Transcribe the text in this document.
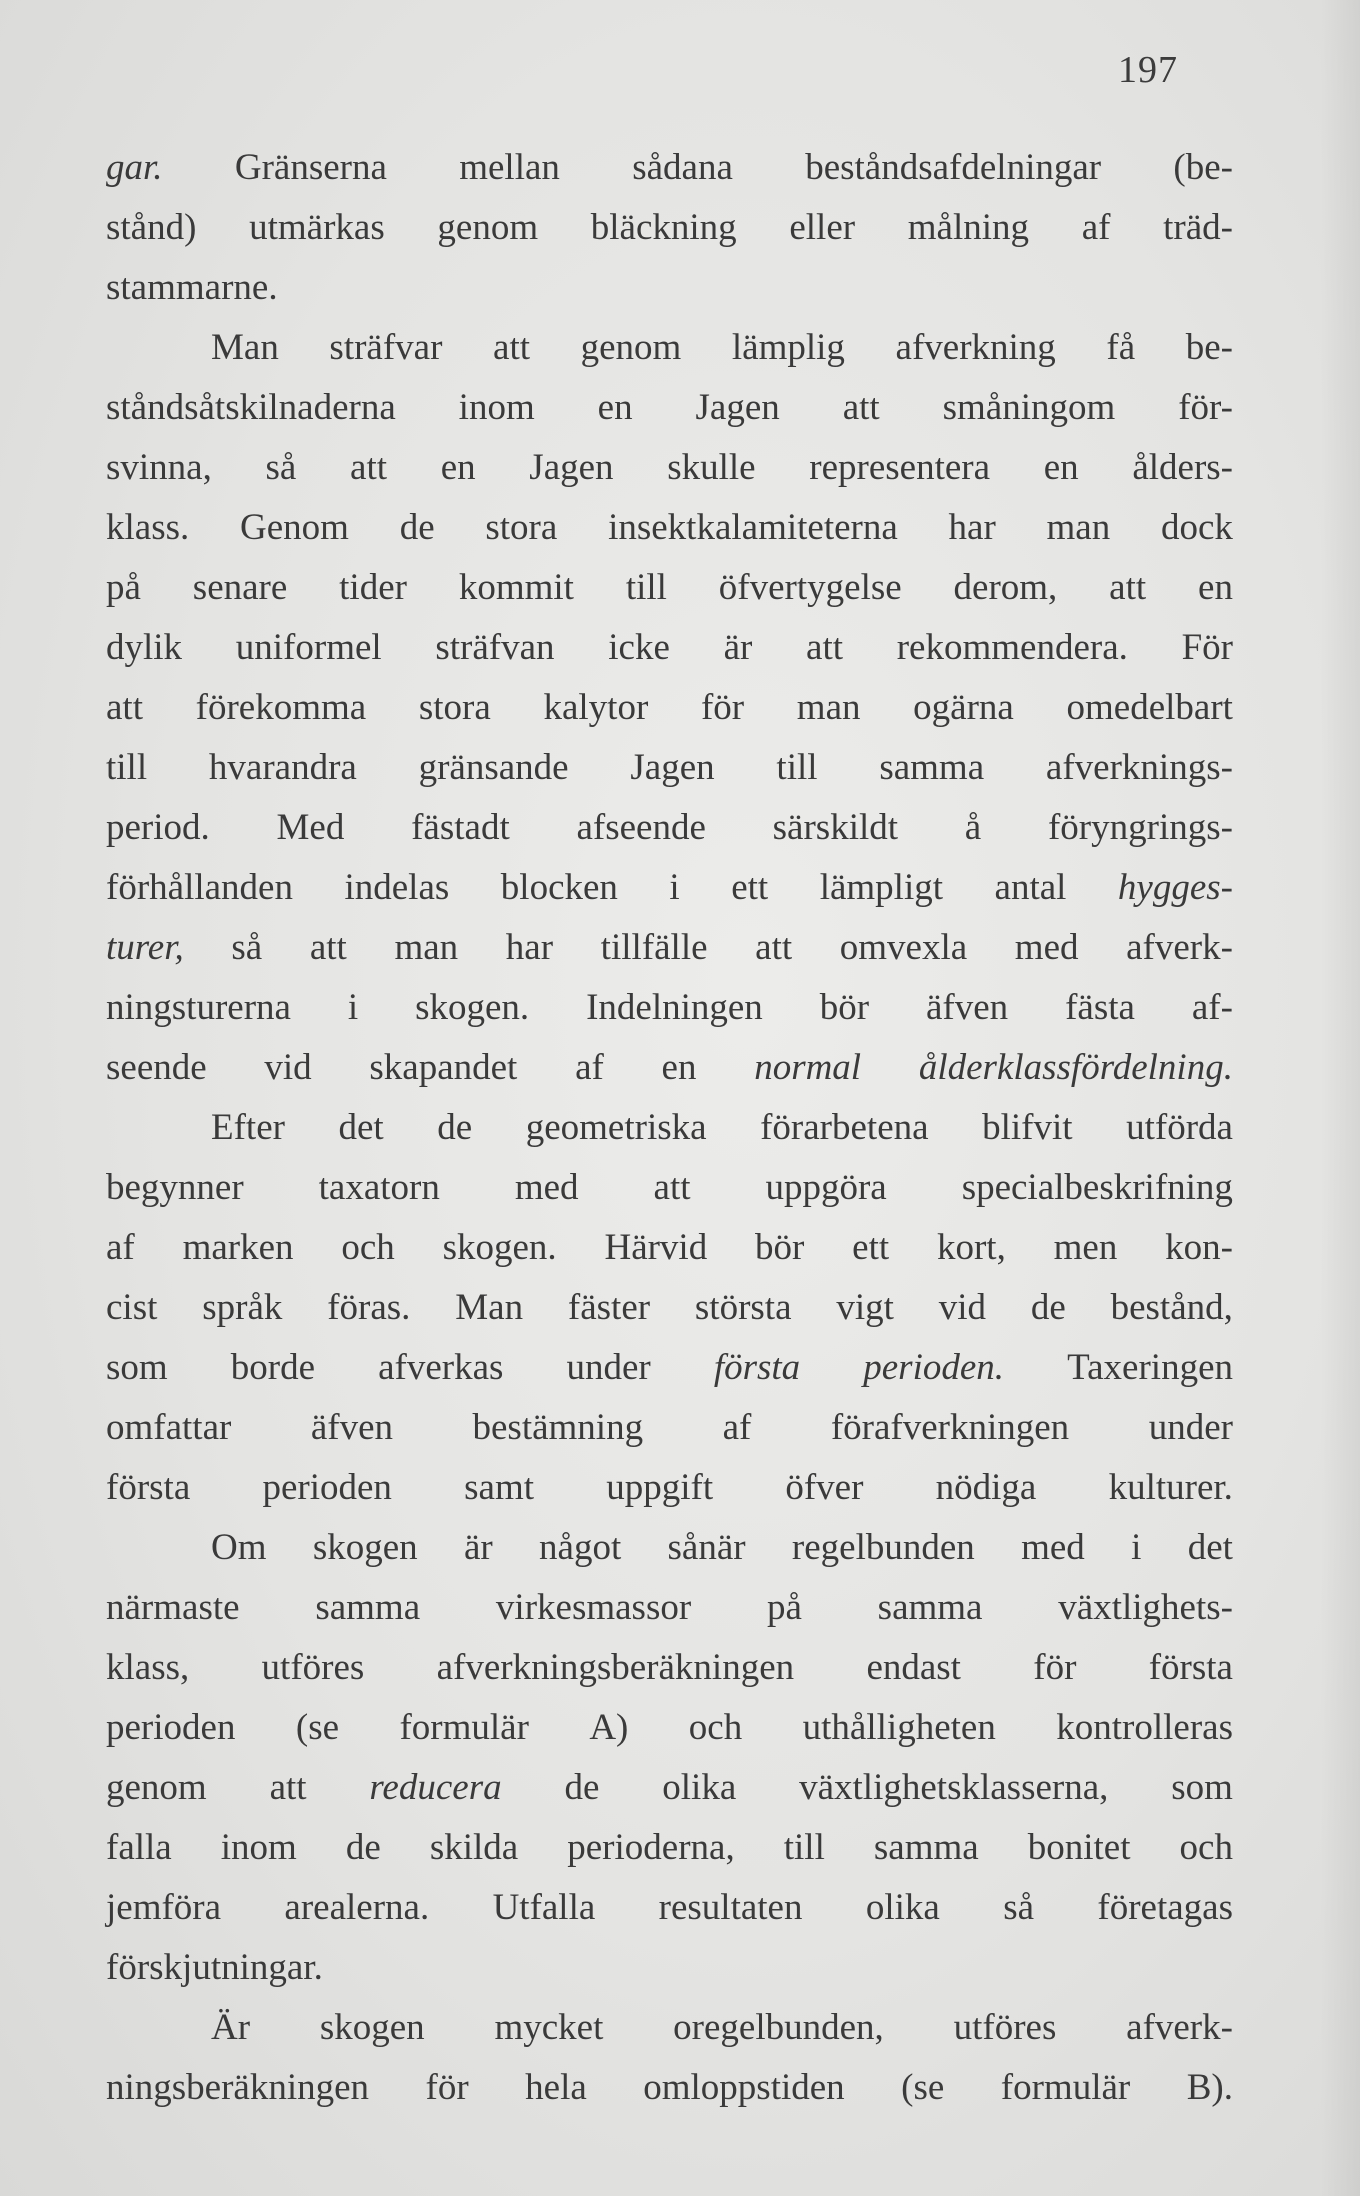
197
gar. Gränserna mellan sådana beståndsafdelningar (be-
stånd) utmärkas genom bläckning eller målning af träd-
stammarne.
Man sträfvar att genom lämplig afverkning få be-
ståndsåtskilnaderna inom en Jagen att småningom för-
svinna, så att en Jagen skulle representera en ålders-
klass. Genom de stora insektkalamiteterna har man dock
på senare tider kommit till öfvertygelse derom, att en
dylik uniformel sträfvan icke är att rekommendera. För
att förekomma stora kalytor för man ogärna omedelbart
till hvarandra gränsande Jagen till samma afverknings-
period. Med fästadt afseende särskildt å föryngrings-
förhållanden indelas blocken i ett lämpligt antal hygges-
turer, så att man har tillfälle att omvexla med afverk-
ningsturerna i skogen. Indelningen bör äfven fästa af-
seende vid skapandet af en normal ålderklassfördelning.
Efter det de geometriska förarbetena blifvit utförda
begynner taxatorn med att uppgöra specialbeskrifning
af marken och skogen. Härvid bör ett kort, men kon-
cist språk föras. Man fäster största vigt vid de bestånd,
som borde afverkas under första perioden. Taxeringen
omfattar äfven bestämning af förafverkningen under
första perioden samt uppgift öfver nödiga kulturer.
Om skogen är något sånär regelbunden med i det
närmaste samma virkesmassor på samma växtlighets-
klass, utföres afverkningsberäkningen endast för första
perioden (se formulär A) och uthålligheten kontrolleras
genom att reducera de olika växtlighetsklasserna, som
falla inom de skilda perioderna, till samma bonitet och
jemföra arealerna. Utfalla resultaten olika så företagas
förskjutningar.
Är skogen mycket oregelbunden, utföres afverk-
ningsberäkningen för hela omloppstiden (se formulär B).
